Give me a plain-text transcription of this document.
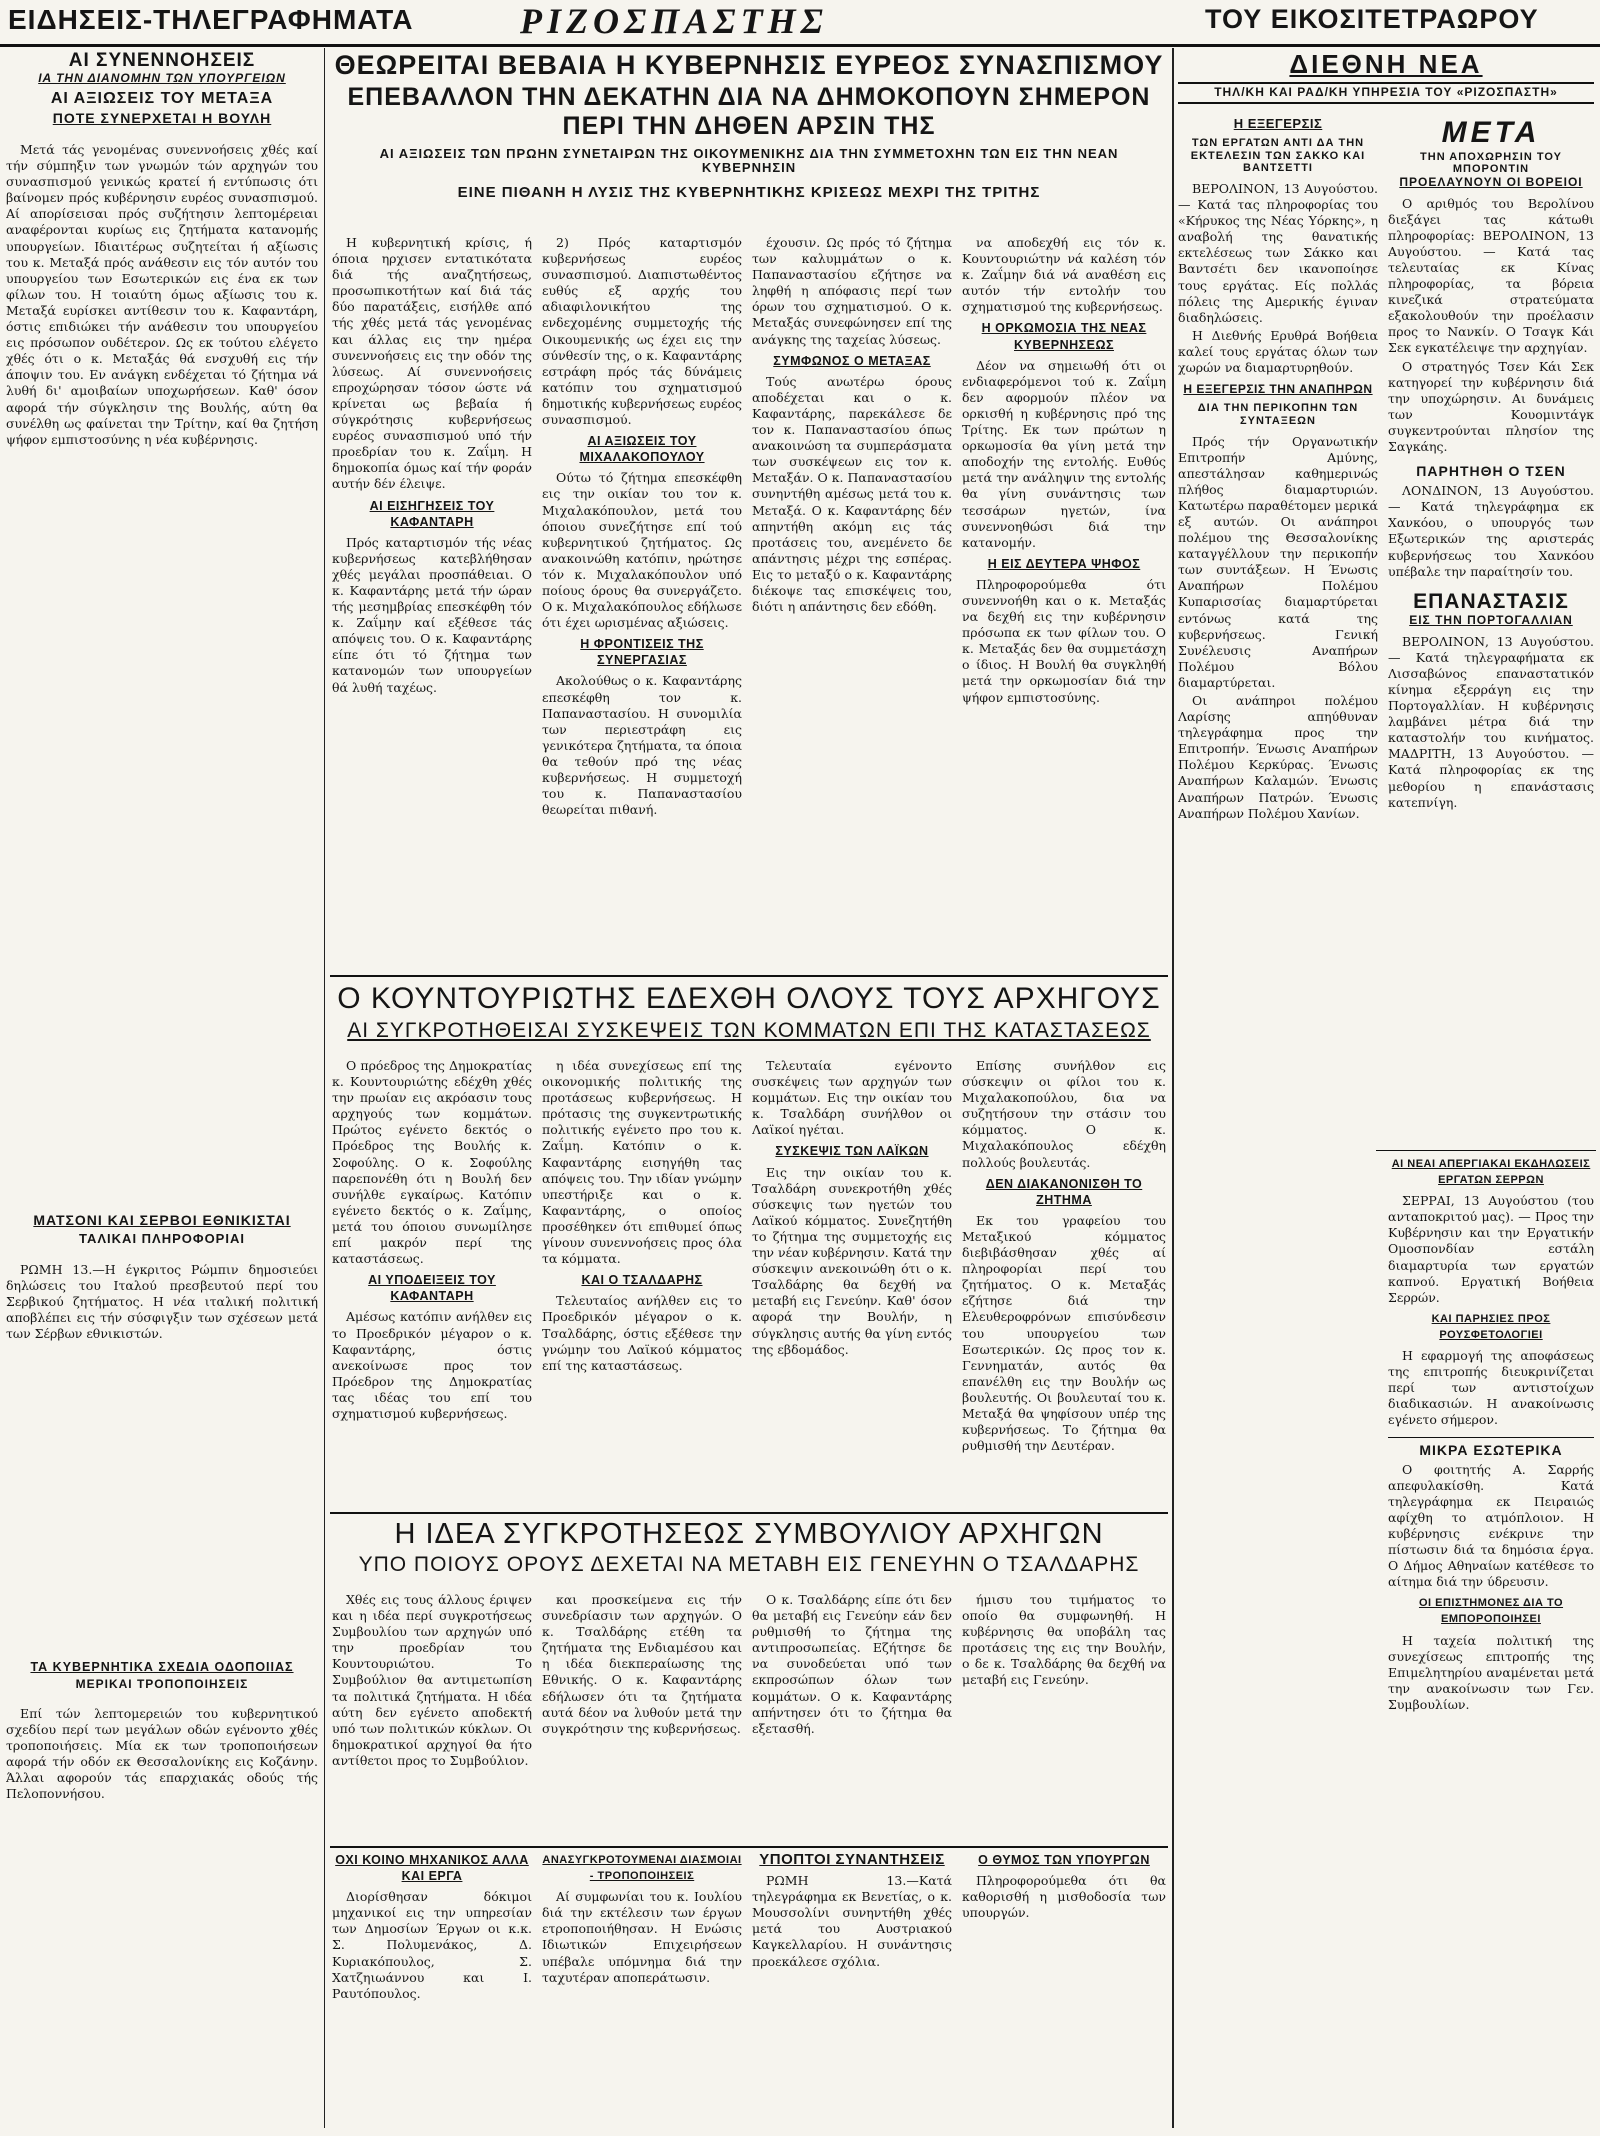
ΕΙΔΗΣΕΙΣ-ΤΗΛΕΓΡΑΦΗΜΑΤΑ	ΡΙΖΟΣΠΑΣΤΗΣ	ΤΟΥ ΕΙΚΟΣΙΤΕΤΡΑΩΡΟΥ
ΑΙ ΣΥΝΕΝΝΟΗΣΕΙΣ
ΙΑ ΤΗΝ ΔΙΑΝΟΜΗΝ ΤΩΝ ΥΠΟΥΡΓΕΙΩΝ
ΑΙ ΑΞΙΩΣΕΙΣ ΤΟΥ ΜΕΤΑΞΑ
ΠΟΤΕ ΣΥΝΕΡΧΕΤΑΙ Η ΒΟΥΛΗ

Μετά τάς γενομένας συνεννοήσεις χθές καί τήν σύμπηξιν των γνωμών τών αρχηγών του συνασπισμού γενικώς κρατεί ή εντύπωσις ότι βαίνομεν πρός κυβέρνησιν ευρέος συνασπισμού. Αί απορίσεισαι πρός συζήτησιν λεπτομέρειαι αναφέρονται κυρίως εις ζητήματα κατανομής υπουργείων. Ιδιαιτέρως συζητείται ή αξίωσις του κ. Μεταξά πρός ανάθεσιν εις τόν αυτόν του υπουργείου των Εσωτερικών εις ένα εκ των φίλων του. Η τοιαύτη όμως αξίωσις του κ. Μεταξά ευρίσκει αντίθεσιν του κ. Καφαντάρη, όστις επιδιώκει τήν ανάθεσιν του υπουργείου εις πρόσωπον ουδέτερον. Ως εκ τούτου ελέγετο χθές ότι ο κ. Μεταξάς θά ενσχυθή εις τήν άποψιν του. Εν ανάγκη ενδέχεται τό ζήτημα νά λυθή δι' αμοιβαίων υποχωρήσεων. Καθ' όσον αφορά τήν σύγκλησιν της Βουλής, αύτη θα συνέλθη ως φαίνεται την Τρίτην, καί θα ζητήση ψήφον εμπιστοσύνης η νέα κυβέρνησις.

ΜΑΤΣΟΝΙ ΚΑΙ ΣΕΡΒΟΙ ΕΘΝΙΚΙΣΤΑΙ
ΤΑΛΙΚΑΙ ΠΛΗΡΟΦΟΡΙΑΙ

ΡΩΜΗ 13.—Η έγκριτος Ρώμπιν δημοσιεύει δηλώσεις του Ιταλού πρεσβευτού περί του Σερβικού ζητήματος. Η νέα ιταλική πολιτική αποβλέπει εις τήν σύσφιγξιν των σχέσεων μετά των Σέρβων εθνικιστών.

ΤΑ ΚΥΒΕΡΝΗΤΙΚΑ ΣΧΕΔΙΑ ΟΔΟΠΟΙΙΑΣ
ΜΕΡΙΚΑΙ ΤΡΟΠΟΠΟΙΗΣΕΙΣ

Επί τών λεπτομερειών του κυβερνητικού σχεδίου περί των μεγάλων οδών εγένοντο χθές τροποποιήσεις. Μία εκ των τροποποιήσεων αφορά τήν οδόν εκ Θεσσαλονίκης εις Κοζάνην. Άλλαι αφορούν τάς επαρχιακάς οδούς τής Πελοποννήσου.

ΘΕΩΡΕΙΤΑΙ ΒΕΒΑΙΑ Η ΚΥΒΕΡΝΗΣΙΣ ΕΥΡΕΟΣ ΣΥΝΑΣΠΙΣΜΟΥ
ΕΠΕΒΑΛΛΟΝ ΤΗΝ ΔΕΚΑΤΗΝ ΔΙΑ ΝΑ ΔΗΜΟΚΟΠΟΥΝ ΣΗΜΕΡΟΝ ΠΕΡΙ ΤΗΝ ΔΗΘΕΝ ΑΡΣΙΝ ΤΗΣ
ΑΙ ΑΞΙΩΣΕΙΣ ΤΩΝ ΠΡΩΗΝ ΣΥΝΕΤΑΙΡΩΝ ΤΗΣ ΟΙΚΟΥΜΕΝΙΚΗΣ ΔΙΑ ΤΗΝ ΣΥΜΜΕΤΟΧΗΝ ΤΩΝ ΕΙΣ ΤΗΝ ΝΕΑΝ ΚΥΒΕΡΝΗΣΙΝ
ΕΙΝΕ ΠΙΘΑΝΗ Η ΛΥΣΙΣ ΤΗΣ ΚΥΒΕΡΝΗΤΙΚΗΣ ΚΡΙΣΕΩΣ ΜΕΧΡΙ ΤΗΣ ΤΡΙΤΗΣ

Η κυβερνητική κρίσις, ή όποια ηρχισεν εντατικότατα διά τής αναζητήσεως, προσωπικοτήτων καί διά τάς δύο παρατάξεις, εισήλθε από τής χθές μετά τάς γενομένας και άλλας εις την ημέρα συνεννοήσεις εις την οδόν της λύσεως. Αί συνεννοήσεις επροχώρησαν τόσον ώστε νά κρίνεται ως βεβαία ή σύγκρότησις κυβερνήσεως ευρέος συνασπισμού υπό τήν προεδρίαν του κ. Ζαΐμη. Η δημοκοπία όμως καί τήν φοράν αυτήν δέν έλειψε.

ΑΙ ΕΙΣΗΓΗΣΕΙΣ ΤΟΥ ΚΑΦΑΝΤΑΡΗ

Πρός καταρτισμόν τής νέας κυβερνήσεως κατεβλήθησαν χθές μεγάλαι προσπάθειαι. Ο κ. Καφαντάρης μετά τήν ώραν τής μεσημβρίας επεσκέφθη τόν κ. Ζαΐμην καί εξέθεσε τάς απόψεις του. Ο κ. Καφαντάρης είπε ότι τό ζήτημα των κατανομών των υπουργείων θά λυθή ταχέως.

2) Πρός καταρτισμόν κυβερνήσεως ευρέος συνασπισμού. Διαπιστωθέντος ευθύς εξ αρχής του αδιαφιλονικήτου της ενδεχομένης συμμετοχής τής Οικουμενικής ως έχει εις την σύνθεσίν της, ο κ. Καφαντάρης εστράφη πρός τάς δύνάμεις κατόπιν του σχηματισμού δημοτικής κυβερνήσεως ευρέος συνασπισμού.

ΑΙ ΑΞΙΩΣΕΙΣ ΤΟΥ ΜΙΧΑΛΑΚΟΠΟΥΛΟΥ

Ούτω τό ζήτημα επεσκέφθη εις την οικίαν του τον κ. Μιχαλακόπουλον, μετά του όποιου συνεζήτησε επί τού κυβερνητικού ζητήματος. Ως ανακοινώθη κατόπιν, ηρώτησε τόν κ. Μιχαλακόπουλον υπό ποίους όρους θα συνεργάζετο. Ο κ. Μιχαλακόπουλος εδήλωσε ότι έχει ωρισμένας αξιώσεις.

Η ΦΡΟΝΤΙΣΕΙΣ ΤΗΣ ΣΥΝΕΡΓΑΣΙΑΣ

Ακολούθως ο κ. Καφαντάρης επεσκέφθη τον κ. Παπαναστασίου. Η συνομιλία των περιεστράφη εις γενικότερα ζητήματα, τα όποια θα τεθούν πρό της νέας κυβερνήσεως. Η συμμετοχή του κ. Παπαναστασίου θεωρείται πιθανή.

έχουσιν. Ως πρός τό ζήτημα των καλυμμάτων ο κ. Παπαναστασίου εζήτησε να ληφθή η απόφασις περί των όρων του σχηματισμού. Ο κ. Μεταξάς συνεφώνησεν επί της ανάγκης της ταχείας λύσεως.

ΣΥΜΦΩΝΟΣ Ο ΜΕΤΑΞΑΣ

Τούς ανωτέρω όρους αποδέχεται και ο κ. Καφαντάρης, παρεκάλεσε δε τον κ. Παπαναστασίου όπως ανακοινώση τα συμπεράσματα των συσκέψεων εις τον κ. Μεταξάν. Ο κ. Παπαναστασίου συνηντήθη αμέσως μετά του κ. Μεταξά. Ο κ. Καφαντάρης δέν απηντήθη ακόμη εις τάς προτάσεις του, ανεμένετο δε απάντησις μέχρι της εσπέρας. Εις το μεταξύ ο κ. Καφαντάρης διέκοψε τας επισκέψεις του, διότι η απάντησις δεν εδόθη.

να αποδεχθή εις τόν κ. Κουντουριώτην νά καλέση τόν κ. Ζαΐμην διά νά αναθέση εις αυτόν τήν εντολήν του σχηματισμού της κυβερνήσεως.

Η ΟΡΚΩΜΟΣΙΑ ΤΗΣ ΝΕΑΣ ΚΥΒΕΡΝΗΣΕΩΣ

Δέον να σημειωθή ότι οι ενδιαφερόμενοι τού κ. Ζαΐμη δεν αφορμούν πλέον να ορκισθή η κυβέρνησις πρό της Τρίτης. Εκ των πρώτων η ορκωμοσία θα γίνη μετά την αποδοχήν της εντολής. Ευθύς μετά την ανάληψιν της εντολής θα γίνη συνάντησις των τεσσάρων ηγετών, ίνα συνεννοηθώσι διά την κατανομήν.

Η ΕΙΣ ΔΕΥΤΕΡΑ ΨΗΦΟΣ

Πληροφορούμεθα ότι συνεννοήθη και ο κ. Μεταξάς να δεχθή εις την κυβέρνησιν πρόσωπα εκ των φίλων του. Ο κ. Μεταξάς δεν θα συμμετάσχη ο ίδιος. Η Βουλή θα συγκληθή μετά την ορκωμοσίαν διά την ψήφον εμπιστοσύνης.

Ο ΚΟΥΝΤΟΥΡΙΩΤΗΣ ΕΔΕΧΘΗ ΟΛΟΥΣ ΤΟΥΣ ΑΡΧΗΓΟΥΣ
ΑΙ ΣΥΓΚΡΟΤΗΘΕΙΣΑΙ ΣΥΣΚΕΨΕΙΣ ΤΩΝ ΚΟΜΜΑΤΩΝ ΕΠΙ ΤΗΣ ΚΑΤΑΣΤΑΣΕΩΣ

Ο πρόεδρος της Δημοκρατίας κ. Κουντουριώτης εδέχθη χθές την πρωίαν εις ακρόασιν τους αρχηγούς των κομμάτων. Πρώτος εγένετο δεκτός ο Πρόεδρος της Βουλής κ. Σοφούλης. Ο κ. Σοφούλης παρεπονέθη ότι η Βουλή δεν συνήλθε εγκαίρως. Κατόπιν εγένετο δεκτός ο κ. Ζαΐμης, μετά του όποιου συνωμίλησε επί μακρόν περί της καταστάσεως.

ΑΙ ΥΠΟΔΕΙΞΕΙΣ ΤΟΥ ΚΑΦΑΝΤΑΡΗ

Αμέσως κατόπιν ανήλθεν εις το Προεδρικόν μέγαρον ο κ. Καφαντάρης, όστις ανεκοίνωσε προς τον Πρόεδρον της Δημοκρατίας τας ιδέας του επί του σχηματισμού κυβερνήσεως.

η ιδέα συνεχίσεως επί της οικονομικής πολιτικής της προτάσεως κυβερνήσεως. Η πρότασις της συγκεντρωτικής πολιτικής εγένετο προ του κ. Ζαΐμη. Κατόπιν ο κ. Καφαντάρης εισηγήθη τας απόψεις του. Την ιδίαν γνώμην υπεστήριξε και ο κ. Καφαντάρης, ο οποίος προσέθηκεν ότι επιθυμεί όπως γίνουν συνεννοήσεις προς όλα τα κόμματα.

ΚΑΙ Ο ΤΣΑΛΔΑΡΗΣ

Τελευταίος ανήλθεν εις το Προεδρικόν μέγαρον ο κ. Τσαλδάρης, όστις εξέθεσε την γνώμην του Λαϊκού κόμματος επί της καταστάσεως.

Τελευταία εγένοντο συσκέψεις των αρχηγών των κομμάτων. Εις την οικίαν του κ. Τσαλδάρη συνήλθον οι Λαϊκοί ηγέται.

ΣΥΣΚΕΨΙΣ ΤΩΝ ΛΑΪΚΩΝ

Εις την οικίαν του κ. Τσαλδάρη συνεκροτήθη χθές σύσκεψις των ηγετών του Λαϊκού κόμματος. Συνεζητήθη το ζήτημα της συμμετοχής εις την νέαν κυβέρνησιν. Κατά την σύσκεψιν ανεκοινώθη ότι ο κ. Τσαλδάρης θα δεχθή να μεταβή εις Γενεύην. Καθ' όσον αφορά την Βουλήν, η σύγκλησις αυτής θα γίνη εντός της εβδομάδος.

Επίσης συνήλθον εις σύσκεψιν οι φίλοι του κ. Μιχαλακοπούλου, δια να συζητήσουν την στάσιν του κόμματος. Ο κ. Μιχαλακόπουλος εδέχθη πολλούς βουλευτάς.

ΔΕΝ ΔΙΑΚΑΝΟΝΙΣΘΗ ΤΟ ΖΗΤΗΜΑ

Εκ του γραφείου του Μεταξικού κόμματος διεβιβάσθησαν χθές αί πληροφορίαι περί του ζητήματος. Ο κ. Μεταξάς εζήτησε διά την Ελευθεροφρόνων επισύνδεσιν του υπουργείου των Εσωτερικών. Ως προς τον κ. Γεννηματάν, αυτός θα επανέλθη εις την Βουλήν ως βουλευτής. Οι βουλευταί του κ. Μεταξά θα ψηφίσουν υπέρ της κυβερνήσεως. Το ζήτημα θα ρυθμισθή την Δευτέραν.

Η ΙΔΕΑ ΣΥΓΚΡΟΤΗΣΕΩΣ ΣΥΜΒΟΥΛΙΟΥ ΑΡΧΗΓΩΝ
ΥΠΟ ΠΟΙΟΥΣ ΟΡΟΥΣ ΔΕΧΕΤΑΙ ΝΑ ΜΕΤΑΒΗ ΕΙΣ ΓΕΝΕΥΗΝ Ο ΤΣΑΛΔΑΡΗΣ

Χθές εις τους άλλους έριψεν και η ιδέα περί συγκροτήσεως Συμβουλίου των αρχηγών υπό την προεδρίαν του Κουντουριώτου. Το Συμβούλιον θα αντιμετωπίση τα πολιτικά ζητήματα. Η ιδέα αύτη δεν εγένετο αποδεκτή υπό των πολιτικών κύκλων. Οι δημοκρατικοί αρχηγοί θα ήτο αντίθετοι προς το Συμβούλιον.

και προσκείμενα εις τήν συνεδρίασιν των αρχηγών. Ο κ. Τσαλδάρης ετέθη τα ζητήματα της Ενδιαμέσου και η ιδέα διεκπεραίωσης της Εθνικής. Ο κ. Καφαντάρης εδήλωσεν ότι τα ζητήματα αυτά δέον να λυθούν μετά την συγκρότησιν της κυβερνήσεως.

Ο κ. Τσαλδάρης είπε ότι δεν θα μεταβή εις Γενεύην εάν δεν ρυθμισθή το ζήτημα της αντιπροσωπείας. Εζήτησε δε να συνοδεύεται υπό των εκπροσώπων όλων των κομμάτων. Ο κ. Καφαντάρης απήντησεν ότι το ζήτημα θα εξετασθή.

ήμισυ του τιμήματος το οποίο θα συμφωνηθή. Η κυβέρνησις θα υποβάλη τας προτάσεις της εις την Βουλήν, ο δε κ. Τσαλδάρης θα δεχθή να μεταβή εις Γενεύην.

ΟΧΙ ΚΟΙΝΟ ΜΗΧΑΝΙΚΟΣ ΑΛΛΑ ΚΑΙ ΕΡΓΑ

Διορίσθησαν δόκιμοι μηχανικοί εις την υπηρεσίαν των Δημοσίων Έργων οι κ.κ. Σ. Πολυμενάκος, Δ. Κυριακόπουλος, Σ. Χατζηιωάννου και Ι. Ραυτόπουλος.

ΑΝΑΣΥΓΚΡΟΤΟΥΜΕΝΑΙ ΔΙΑΣΜΟΙΑΙ - ΤΡΟΠΟΠΟΙΗΣΕΙΣ

Αί συμφωνίαι του κ. Ιουλίου διά την εκτέλεσιν των έργων ετροποποιήθησαν. Η Ενώσις Ιδιωτικών Επιχειρήσεων υπέβαλε υπόμνημα διά την ταχυτέραν αποπεράτωσιν.

ΥΠΟΠΤΟΙ ΣΥΝΑΝΤΗΣΕΙΣ

ΡΩΜΗ 13.—Κατά τηλεγράφημα εκ Βενετίας, ο κ. Μουσσολίνι συνηντήθη χθές μετά του Αυστριακού Καγκελλαρίου. Η συνάντησις προεκάλεσε σχόλια.

Ο ΘΥΜΟΣ ΤΩΝ ΥΠΟΥΡΓΩΝ

Πληροφορούμεθα ότι θα καθορισθή η μισθοδοσία των υπουργών.

ΔΙΕΘΝΗ ΝΕΑ
ΤΗΛ/ΚΗ ΚΑΙ ΡΑΔ/ΚΗ ΥΠΗΡΕΣΙΑ ΤΟΥ «ΡΙΖΟΣΠΑΣΤΗ»
Η ΕΞΕΓΕΡΣΙΣ
ΤΩΝ ΕΡΓΑΤΩΝ ΑΝΤΙ ΔΑ ΤΗΝ ΕΚΤΕΛΕΣΙΝ ΤΩΝ ΣΑΚΚΟ ΚΑΙ ΒΑΝΤΣΕΤΤΙ

ΒΕΡΟΛΙΝΟΝ, 13 Αυγούστου. — Κατά τας πληροφορίας του «Κήρυκος της Νέας Υόρκης», η αναβολή της θανατικής εκτελέσεως των Σάκκο και Βαντσέτι δεν ικανοποίησε τους εργάτας. Είς πολλάς πόλεις της Αμερικής έγιναν διαδηλώσεις.

Η Διεθνής Ερυθρά Βοήθεια καλεί τους εργάτας όλων των χωρών να διαμαρτυρηθούν.

Η ΕΞΕΓΕΡΣΙΣ ΤΗΝ ΑΝΑΠΗΡΩΝ
ΔΙΑ ΤΗΝ ΠΕΡΙΚΟΠΗΝ ΤΩΝ ΣΥΝΤΑΞΕΩΝ

Πρός τήν Οργανωτικήν Επιτροπήν Αμύνης, απεστάλησαν καθημερινώς πλήθος διαμαρτυριών. Κατωτέρω παραθέτομεν μερικά εξ αυτών. Οι ανάπηροι πολέμου της Θεσσαλονίκης καταγγέλλουν την περικοπήν των συντάξεων. Η Ένωσις Αναπήρων Πολέμου Κυπαρισσίας διαμαρτύρεται εντόνως κατά της κυβερνήσεως. Γενική Συνέλευσις Αναπήρων Πολέμου Βόλου διαμαρτύρεται.

Οι ανάπηροι πολέμου Λαρίσης απηύθυναν τηλεγράφημα προς την Επιτροπήν. Ένωσις Αναπήρων Πολέμου Κερκύρας. Ένωσις Αναπήρων Καλαμών. Ένωσις Αναπήρων Πατρών. Ένωσις Αναπήρων Πολέμου Χανίων.

ΜΕΤΑ
ΤΗΝ ΑΠΟΧΩΡΗΣΙΝ ΤΟΥ ΜΠΟΡΟΝΤΙΝ
ΠΡΟΕΛΑΥΝΟΥΝ ΟΙ ΒΟΡΕΙΟΙ

Ο αριθμός του Βερολίνου διεξάγει τας κάτωθι πληροφορίας: ΒΕΡΟΛΙΝΟΝ, 13 Αυγούστου. — Κατά τας τελευταίας εκ Κίνας πληροφορίας, τα βόρεια κινεζικά στρατεύματα εξακολουθούν την προέλασιν προς το Νανκίν. Ο Τσαγκ Κάι Σεκ εγκατέλειψε την αρχηγίαν.

Ο στρατηγός Τσεν Κάι Σεκ κατηγορεί την κυβέρνησιν διά την υποχώρησιν. Αι δυνάμεις των Κουομιντάγκ συγκεντρούνται πλησίον της Σαγκάης.

ΠΑΡΗΤΗΘΗ Ο ΤΣΕΝ

ΛΟΝΔΙΝΟΝ, 13 Αυγούστου. — Κατά τηλεγράφημα εκ Χανκόου, ο υπουργός των Εξωτερικών της αριστεράς κυβερνήσεως του Χανκόου υπέβαλε την παραίτησίν του.

ΕΠΑΝΑΣΤΑΣΙΣ
ΕΙΣ ΤΗΝ ΠΟΡΤΟΓΑΛΛΙΑΝ

ΒΕΡΟΛΙΝΟΝ, 13 Αυγούστου. — Κατά τηλεγραφήματα εκ Λισσαβώνος επαναστατικόν κίνημα εξερράγη εις την Πορτογαλλίαν. Η κυβέρνησις λαμβάνει μέτρα διά την καταστολήν του κινήματος. ΜΑΔΡΙΤΗ, 13 Αυγούστου. — Κατά πληροφορίας εκ της μεθορίου η επανάστασις κατεπνίγη.

ΑΙ ΝΕΑΙ ΑΠΕΡΓΙΑΚΑΙ ΕΚΔΗΛΩΣΕΙΣ ΕΡΓΑΤΩΝ ΣΕΡΡΩΝ

ΣΕΡΡΑΙ, 13 Αυγούστου (του ανταποκριτού μας). — Προς την Κυβέρνησιν και την Εργατικήν Ομοσπονδίαν εστάλη διαμαρτυρία των εργατών καπνού. Εργατική Βοήθεια Σερρών.

ΚΑΙ ΠΑΡΗΣΙΕΣ ΠΡΟΣ ΡΟΥΣΦΕΤΟΛΟΓΙΕΙ

Η εφαρμογή της αποφάσεως της επιτροπής διευκρινίζεται περί των αντιστοίχων διαδικασιών. Η ανακοίνωσις εγένετο σήμερον.

ΜΙΚΡΑ ΕΣΩΤΕΡΙΚΑ

Ο φοιτητής Α. Σαρρής απεφυλακίσθη. Κατά τηλεγράφημα εκ Πειραιώς αφίχθη το ατμόπλοιον. Η κυβέρνησις ενέκρινε την πίστωσιν διά τα δημόσια έργα. Ο Δήμος Αθηναίων κατέθεσε το αίτημα διά την ύδρευσιν.

ΟΙ ΕΠΙΣΤΗΜΟΝΕΣ ΔΙΑ ΤΟ ΕΜΠΟΡΟΠΟΙΗΣΕΙ

Η ταχεία πολιτική της συνεχίσεως επιτροπής της Επιμελητηρίου αναμένεται μετά την ανακοίνωσιν των Γεν. Συμβουλίων.
